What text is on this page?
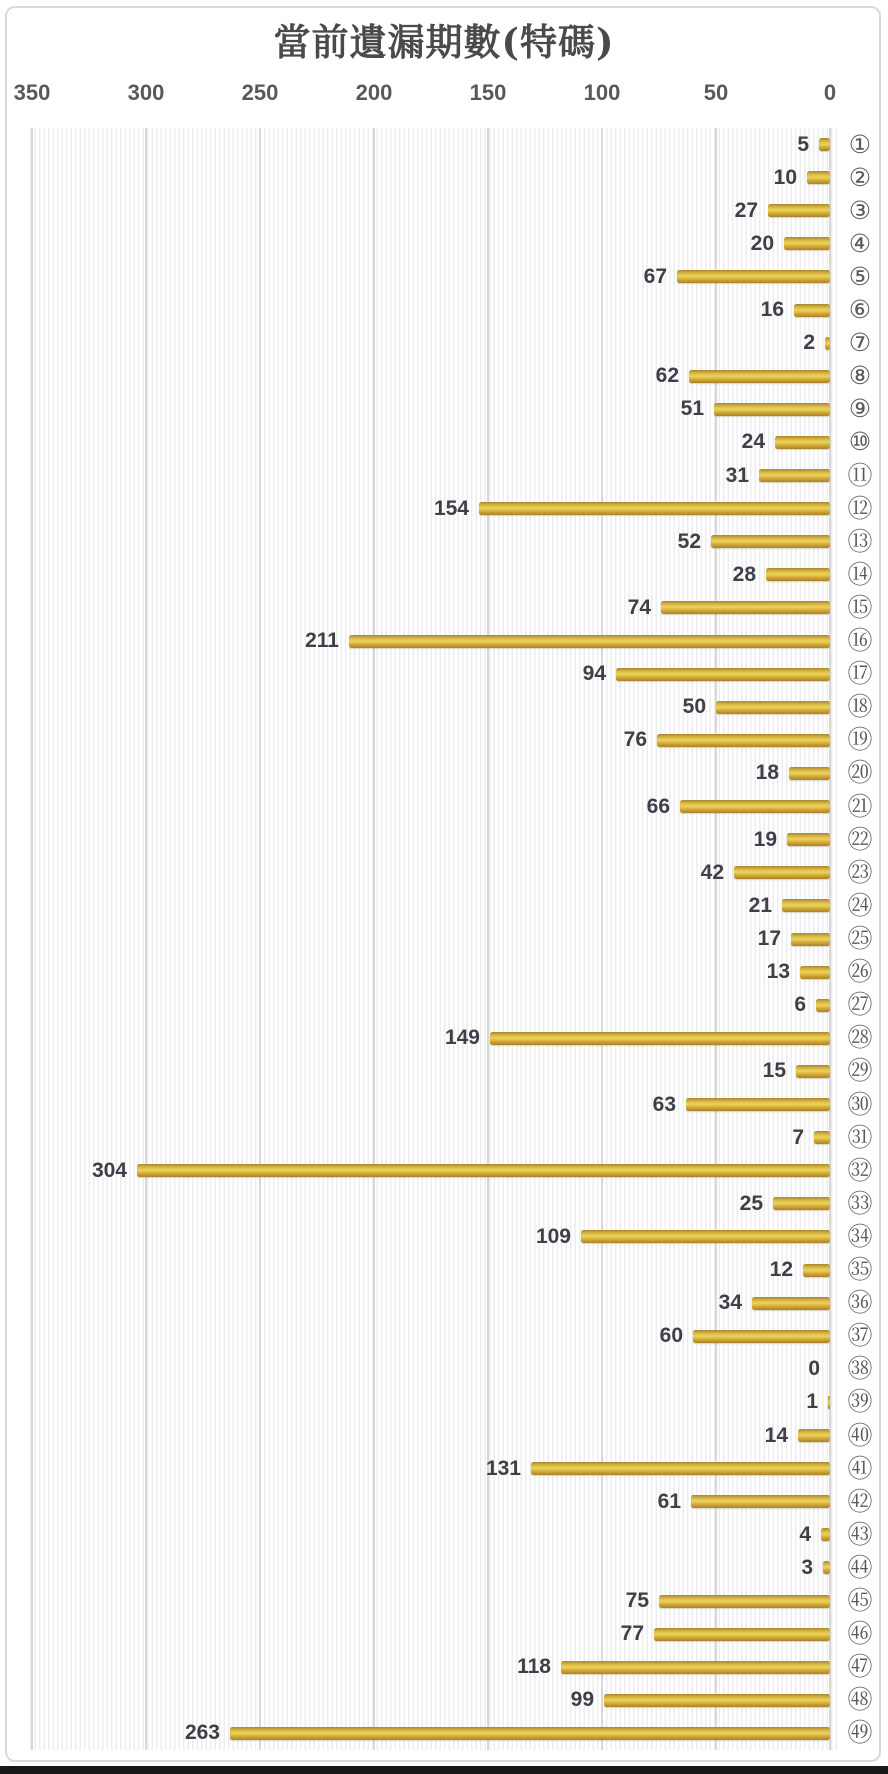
當前遺漏期數(特碼)
350	300	250	200	150	100	50	0
5
10
27
20
67
16
2
62
51
24
31
154
52
28
74
211
94
50
76
18
66
19
42
21
17
13
6
149
15
63
7
304
25
109
12
34
60
0
1
14
131
61
4
3
75
77
118
99
263
①
②
③
④
⑤
⑥
⑦
⑧
⑨
⑩
⑪
⑫
⑬
⑭
⑮
⑯
⑰
⑱
⑲
⑳
㉑
㉒
㉓
㉔
㉕
㉖
㉗
㉘
㉙
㉚
㉛
㉜
㉝
㉞
㉟
㊱
㊲
㊳
㊴
㊵
㊶
㊷
㊸
㊹
㊺
㊻
㊼
㊽
㊾
